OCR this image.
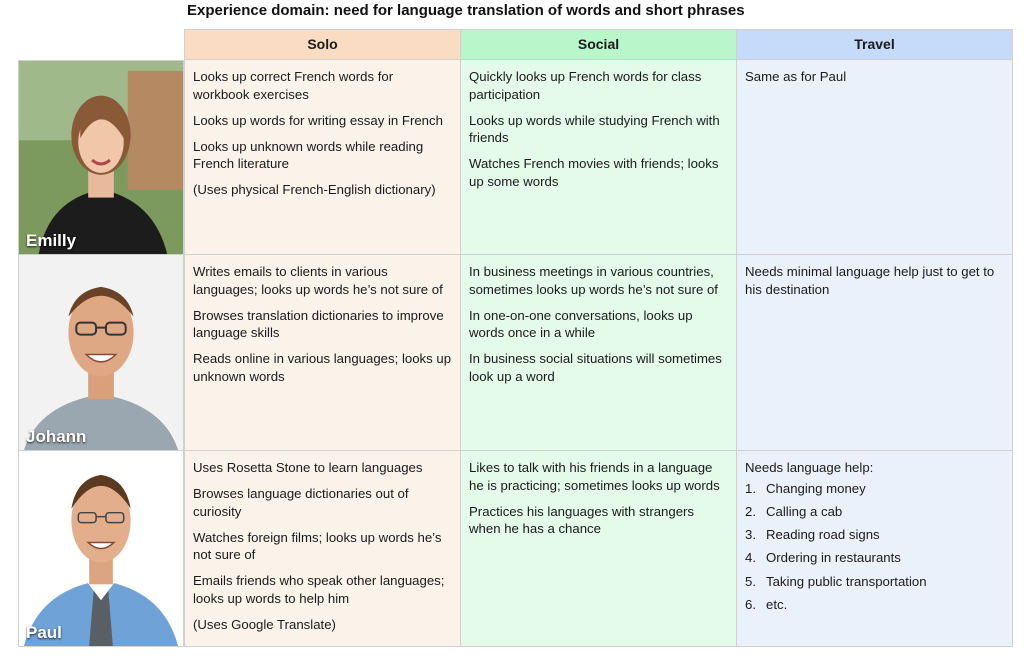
Experience domain: need for language translation of words and short phrases
Solo	Social	Travel
Emilly
Looks up correct French words for workbook exercises
Looks up words for writing essay in French
Looks up unknown words while reading French literature
(Uses physical French-English dictionary)
Quickly looks up French words for class participation
Looks up words while studying French with friends
Watches French movies with friends; looks up some words
Same as for Paul
Johann
Writes emails to clients in various languages; looks up words he’s not sure of
Browses translation dictionaries to improve language skills
Reads online in various languages; looks up unknown words
In business meetings in various countries, sometimes looks up words he’s not sure of
In one-on-one conversations, looks up words once in a while
In business social situations will sometimes look up a word
Needs minimal language help just to get to his destination
Paul
Uses Rosetta Stone to learn languages
Browses language dictionaries out of curiosity
Watches foreign films; looks up words he’s not sure of
Emails friends who speak other languages; looks up words to help him
(Uses Google Translate)
Likes to talk with his friends in a language he is practicing; sometimes looks up words
Practices his languages with strangers when he has a chance
Needs language help:
1. Changing money
2. Calling a cab
3. Reading road signs
4. Ordering in restaurants
5. Taking public transportation
6. etc.
